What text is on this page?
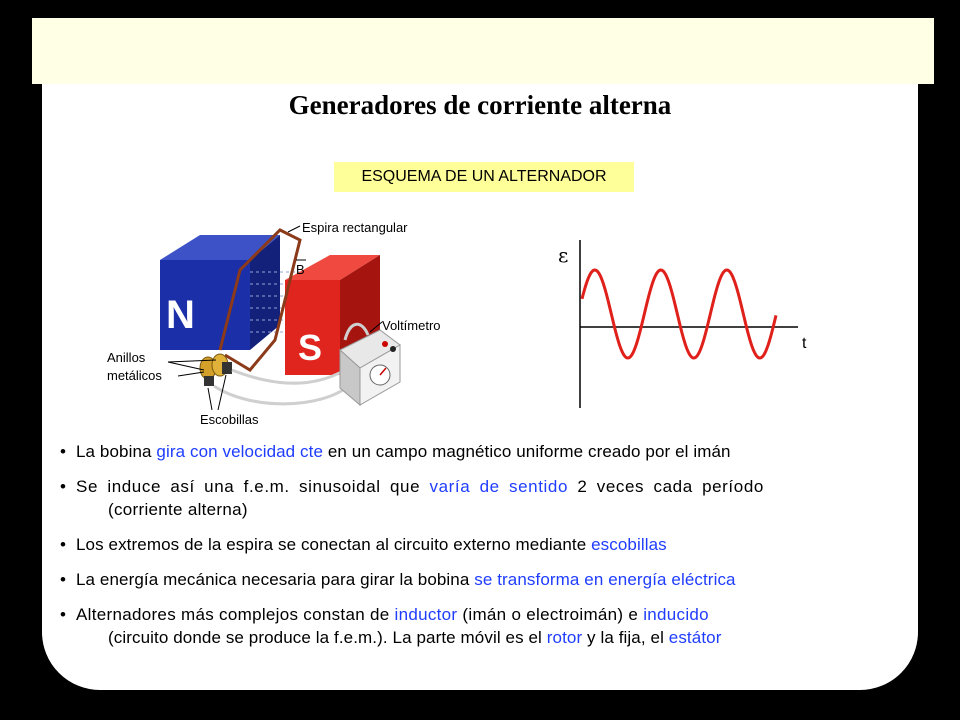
Generadores de corriente alterna
ESQUEMA DE UN ALTERNADOR
N
S
B
Espira rectangular
Voltímetro
Anillos
metálicos
Escobillas
ε
t
• La bobina gira con velocidad cte en un campo magnético uniforme creado por el imán
• Se induce así una f.e.m. sinusoidal que varía de sentido 2 veces cada período
(corriente alterna)
• Los extremos de la espira se conectan al circuito externo mediante escobillas
• La energía mecánica necesaria para girar la bobina se transforma en energía eléctrica
• Alternadores más complejos constan de inductor (imán o electroimán) e inducido
(circuito donde se produce la f.e.m.). La parte móvil es el rotor y la fija, el estátor
